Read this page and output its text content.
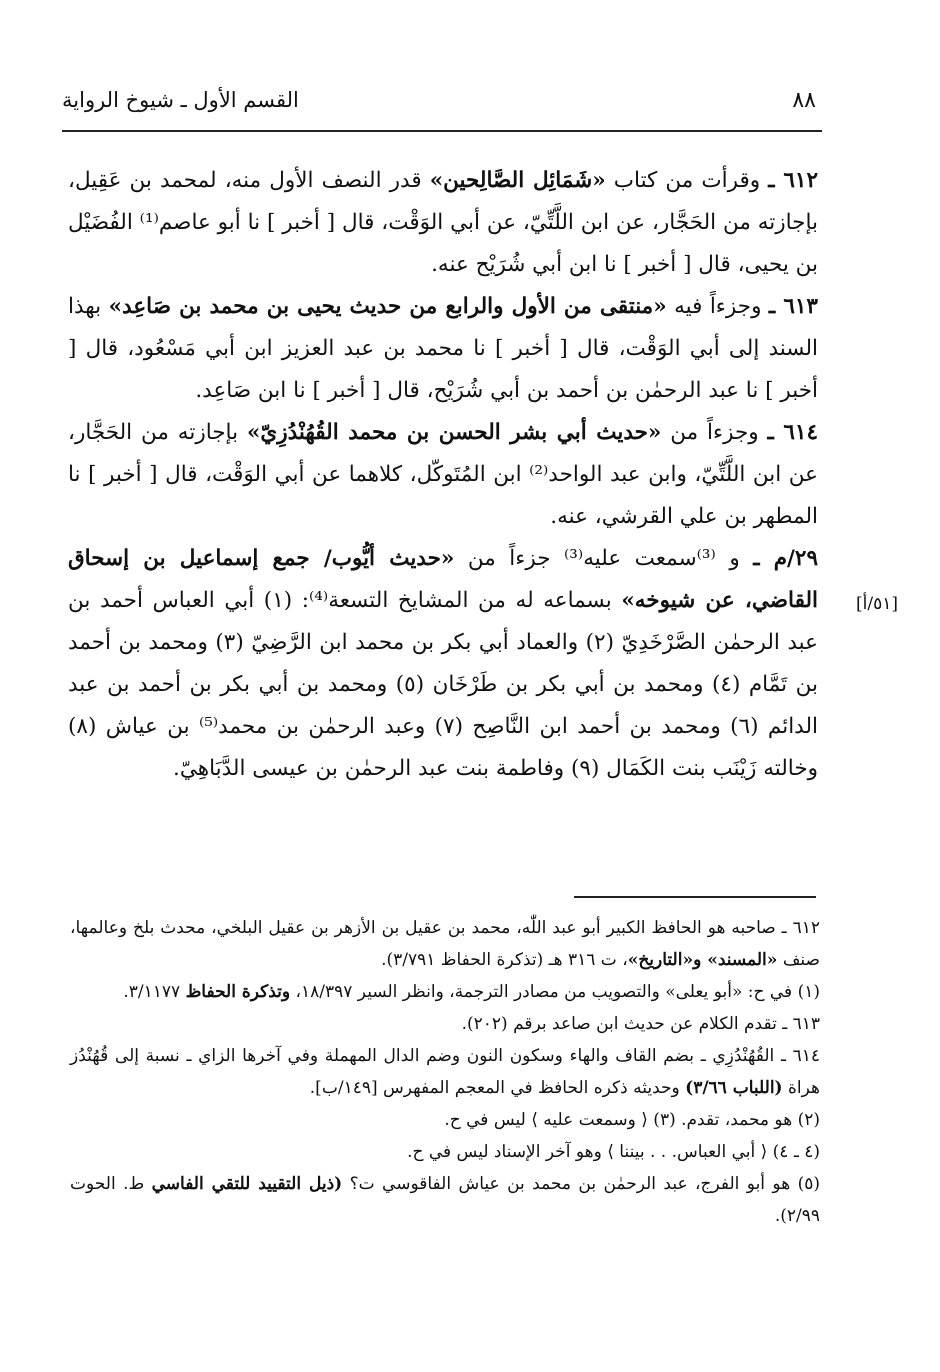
٨٨
القسم الأول ـ شيوخ الرواية
[٥١/أ]

٦١٢ ـ وقرأت من كتاب «شَمَائِل الصَّالِحين» قدر النصف الأول منه، لمحمد بن عَقِيل، بإجازته من الحَجَّار، عن ابن اللَّتِّيّ، عن أبي الوَقْت، قال [ أخبر ] نا أبو عاصم⁽¹⁾ الفُضَيْل بن يحيى، قال [ أخبر ] نا ابن أبي شُرَيْح عنه.

٦١٣ ـ وجزءاً فيه «منتقى من الأول والرابع من حديث يحيى بن محمد بن صَاعِد» بهذا السند إلى أبي الوَقْت، قال [ أخبر ] نا محمد بن عبد العزيز ابن أبي مَسْعُود، قال [ أخبر ] نا عبد الرحمٰن بن أحمد بن أبي شُرَيْح، قال [ أخبر ] نا ابن صَاعِد.

٦١٤ ـ وجزءاً من «حديث أبي بشر الحسن بن محمد القُهُنْدُزِيّ» بإجازته من الحَجَّار، عن ابن اللَّتِّيّ، وابن عبد الواحد⁽²⁾ ابن المُتَوكّل، كلاهما عن أبي الوَقْت، قال [ أخبر ] نا المطهر بن علي القرشي، عنه.

٢٩/م ـ و ⁽³⁾سمعت عليه⁽³⁾ جزءاً من «حديث أيُّوب/ جمع إسماعيل بن إسحاق القاضي، عن شيوخه» بسماعه له من المشايخ التسعة⁽⁴⁾: (١) أبي العباس أحمد بن عبد الرحمٰن الصَّرْخَدِيّ (٢) والعماد أبي بكر بن محمد ابن الرَّضِيّ (٣) ومحمد بن أحمد بن تَمَّام (٤) ومحمد بن أبي بكر بن طَرْخَان (٥) ومحمد بن أبي بكر بن أحمد بن عبد الدائم (٦) ومحمد بن أحمد ابن النَّاصِح (٧) وعبد الرحمٰن بن محمد⁽⁵⁾ بن عياش (٨) وخالته زَيْنَب بنت الكَمَال (٩) وفاطمة بنت عبد الرحمٰن بن عيسى الدَّبَاهِيّ.

٦١٢ ـ صاحبه هو الحافظ الكبير أبو عبد اللّٰه، محمد بن عقيل بن الأزهر بن عقيل البلخي، محدث بلخ وعالمها، صنف «المسند» و«التاريخ»، ت ٣١٦ هـ (تذكرة الحفاظ ٣/٧٩١).

(١) في ح: «أبو يعلى» والتصويب من مصادر الترجمة، وانظر السير ١٨/٣٩٧، وتذكرة الحفاظ ٣/١١٧٧.

٦١٣ ـ تقدم الكلام عن حديث ابن صاعد برقم (٢٠٢).

٦١٤ ـ القُهُنْدُزِي ـ بضم القاف والهاء وسكون النون وضم الدال المهملة وفي آخرها الزاي ـ نسبة إلى قُهُنْدُز هراة (اللباب ٣/٦٦) وحديثه ذكره الحافظ في المعجم المفهرس [١٤٩/ب].

(٢) هو محمد، تقدم. (٣) ⟨ وسمعت عليه ⟩ ليس في ح.

(٤ ـ ٤) ⟨ أبي العباس. . . بيننا ⟩ وهو آخر الإسناد ليس في ح.

(٥) هو أبو الفرج، عبد الرحمٰن بن محمد بن عياش الفاقوسي ت؟ (ذيل التقييد للتقي الفاسي ط. الحوت ٢/٩٩).
